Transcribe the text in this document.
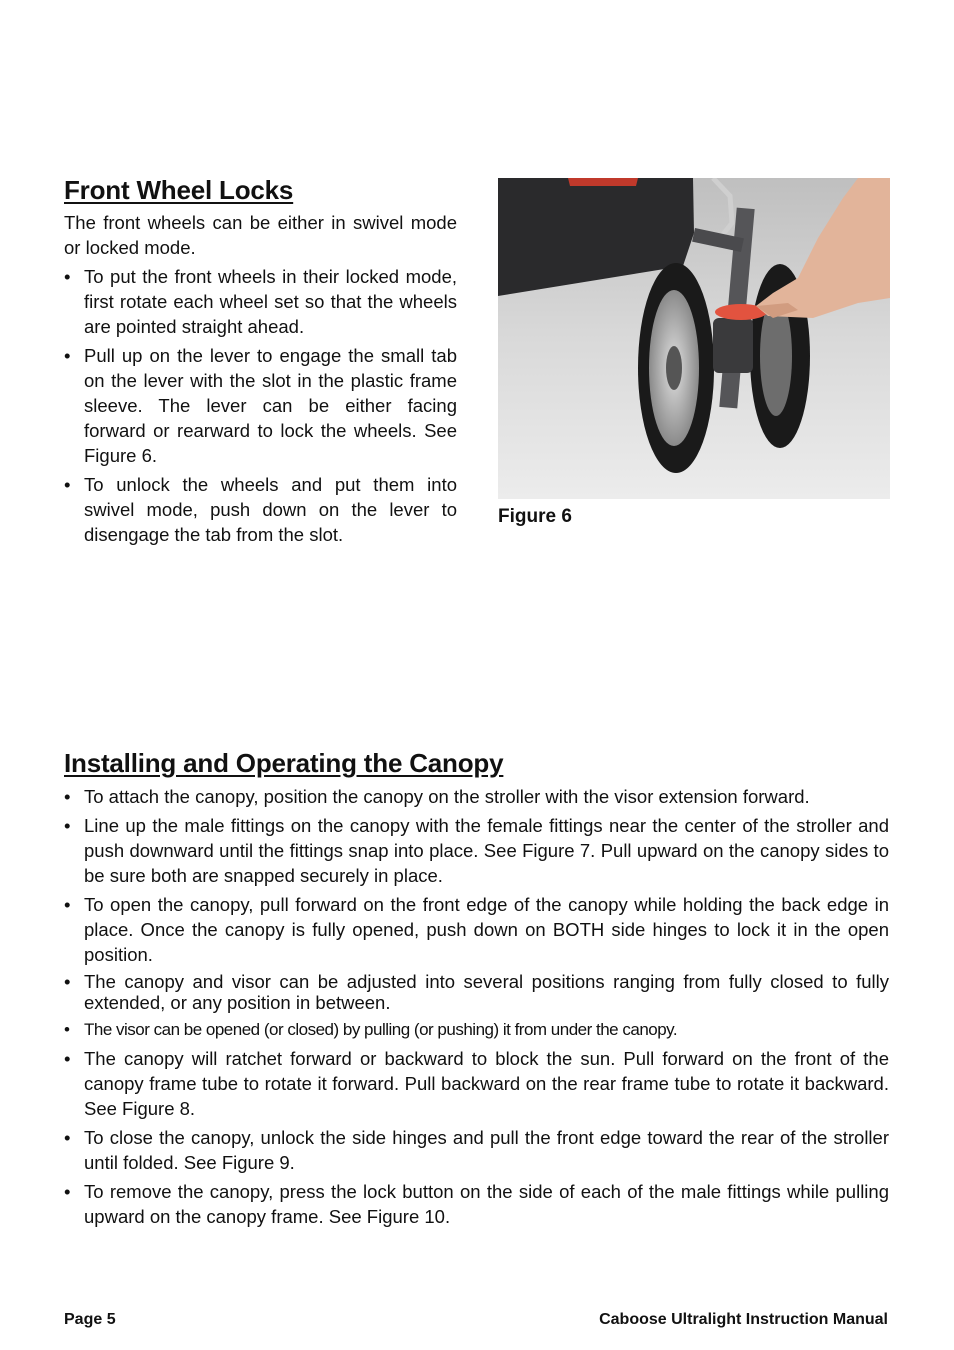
Front Wheel Locks

The front wheels can be either in swivel mode or locked mode.

• To put the front wheels in their locked mode, first rotate each wheel set so that the wheels are pointed straight ahead.
• Pull up on the lever to engage the small tab on the lever with the slot in the plastic frame sleeve. The lever can be either facing forward or rearward to lock the wheels. See Figure 6.
• To unlock the wheels and put them into swivel mode, push down on the lever to disengage the tab from the slot.
Figure 6
Installing and Operating the Canopy
• To attach the canopy, position the canopy on the stroller with the visor extension forward.
• Line up the male fittings on the canopy with the female fittings near the center of the stroller and push downward until the fittings snap into place. See Figure 7. Pull upward on the canopy sides to be sure both are snapped securely in place.
• To open the canopy, pull forward on the front edge of the canopy while holding the back edge in place. Once the canopy is fully opened, push down on BOTH side hinges to lock it in the open position.
• The canopy and visor can be adjusted into several positions ranging from fully closed to fully extended, or any position in between.
• The visor can be opened (or closed) by pulling (or pushing) it from under the canopy.
• The canopy will ratchet forward or backward to block the sun. Pull forward on the front of the canopy frame tube to rotate it forward. Pull backward on the rear frame tube to rotate it backward. See Figure 8.
• To close the canopy, unlock the side hinges and pull the front edge toward the rear of the stroller until folded. See Figure 9.
• To remove the canopy, press the lock button on the side of each of the male fittings while pulling upward on the canopy frame. See Figure 10.
Page 5	Caboose Ultralight Instruction Manual
